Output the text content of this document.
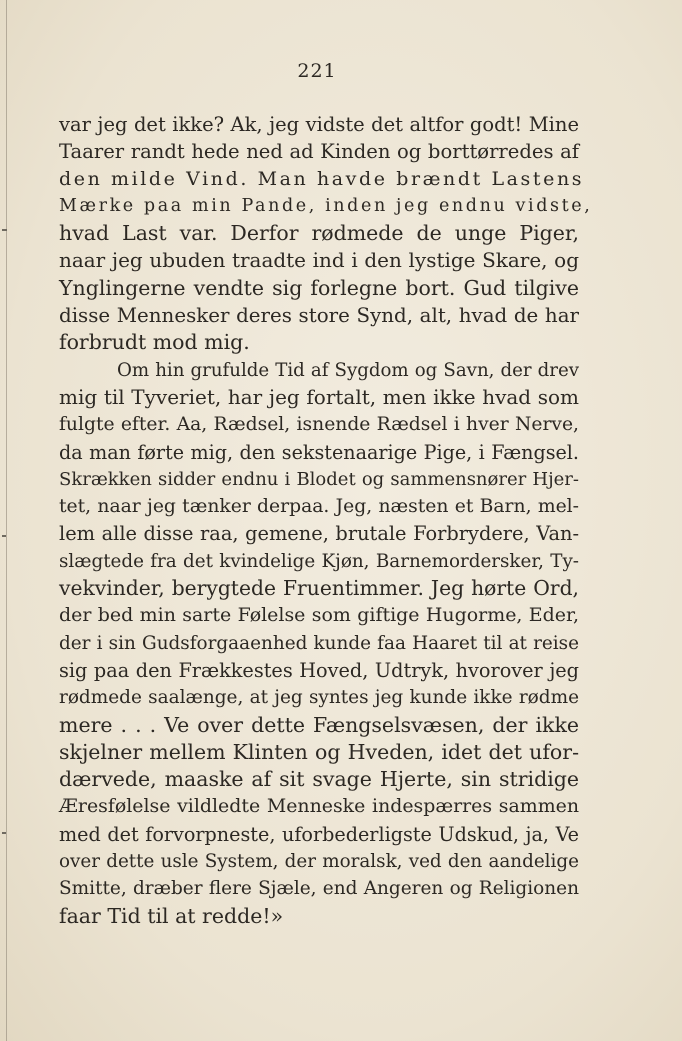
221
var jeg det ikke? Ak, jeg vidste det altfor godt! Mine
Taarer randt hede ned ad Kinden og borttørredes af
den milde Vind. Man havde brændt Lastens
Mærke paa min Pande, inden jeg endnu vidste,
hvad Last var. Derfor rødmede de unge Piger,
naar jeg ubuden traadte ind i den lystige Skare, og
Ynglingerne vendte sig forlegne bort. Gud tilgive
disse Mennesker deres store Synd, alt, hvad de har
forbrudt mod mig.
Om hin grufulde Tid af Sygdom og Savn, der drev
mig til Tyveriet, har jeg fortalt, men ikke hvad som
fulgte efter. Aa, Rædsel, isnende Rædsel i hver Nerve,
da man førte mig, den sekstenaarige Pige, i Fængsel.
Skrækken sidder endnu i Blodet og sammensnører Hjer-
tet, naar jeg tænker derpaa. Jeg, næsten et Barn, mel-
lem alle disse raa, gemene, brutale Forbrydere, Van-
slægtede fra det kvindelige Kjøn, Barnemordersker, Ty-
vekvinder, berygtede Fruentimmer. Jeg hørte Ord,
der bed min sarte Følelse som giftige Hugorme, Eder,
der i sin Gudsforgaaenhed kunde faa Haaret til at reise
sig paa den Frækkestes Hoved, Udtryk, hvorover jeg
rødmede saalænge, at jeg syntes jeg kunde ikke rødme
mere . . . Ve over dette Fængselsvæsen, der ikke
skjelner mellem Klinten og Hveden, idet det ufor-
dærvede, maaske af sit svage Hjerte, sin stridige
Æresfølelse vildledte Menneske indespærres sammen
med det forvorpneste, uforbederligste Udskud, ja, Ve
over dette usle System, der moralsk, ved den aandelige
Smitte, dræber flere Sjæle, end Angeren og Religionen
faar Tid til at redde!»
